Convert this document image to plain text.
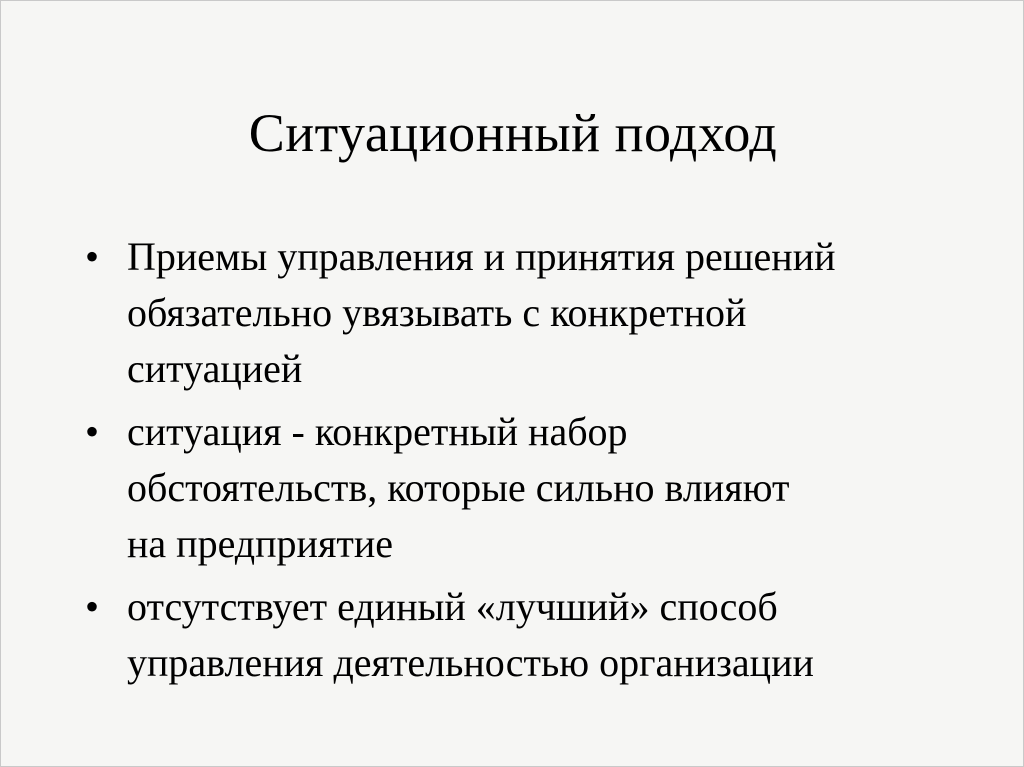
Ситуационный подход
• Приемы управления и принятия решений
обязательно увязывать с конкретной
ситуацией
• ситуация - конкретный набор
обстоятельств, которые сильно влияют
на предприятие
• отсутствует единый «лучший» способ
управления деятельностью организации
